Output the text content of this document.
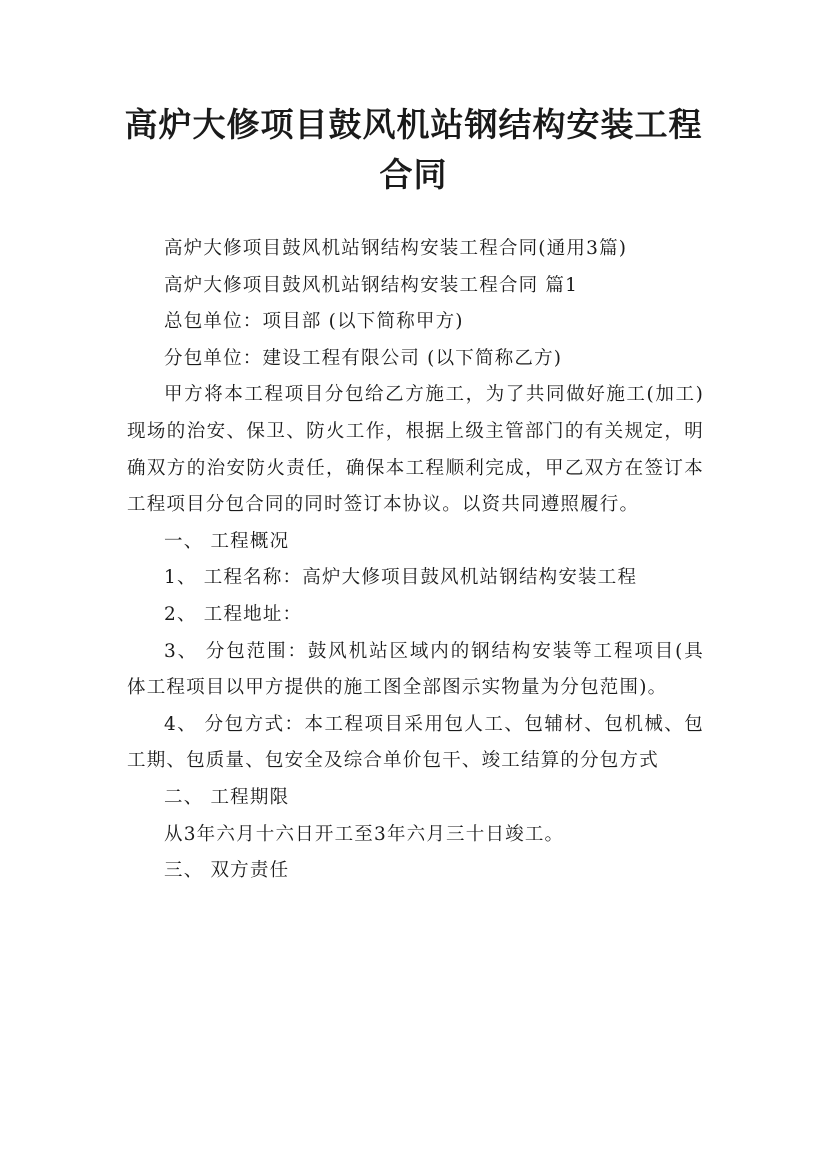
高炉大修项目鼓风机站钢结构安装工程合同

高炉大修项目鼓风机站钢结构安装工程合同(通用3篇)

高炉大修项目鼓风机站钢结构安装工程合同 篇1

总包单位：项目部 (以下简称甲方)

分包单位：建设工程有限公司 (以下简称乙方)

甲方将本工程项目分包给乙方施工，为了共同做好施工(加工)现场的治安、保卫、防火工作，根据上级主管部门的有关规定，明确双方的治安防火责任，确保本工程顺利完成，甲乙双方在签订本工程项目分包合同的同时签订本协议。以资共同遵照履行。

一、 工程概况

1、 工程名称：高炉大修项目鼓风机站钢结构安装工程

2、 工程地址：

3、 分包范围：鼓风机站区域内的钢结构安装等工程项目(具体工程项目以甲方提供的施工图全部图示实物量为分包范围)。

4、 分包方式：本工程项目采用包人工、包辅材、包机械、包工期、包质量、包安全及综合单价包干、竣工结算的分包方式

二、 工程期限

从3年六月十六日开工至3年六月三十日竣工。

三、 双方责任
